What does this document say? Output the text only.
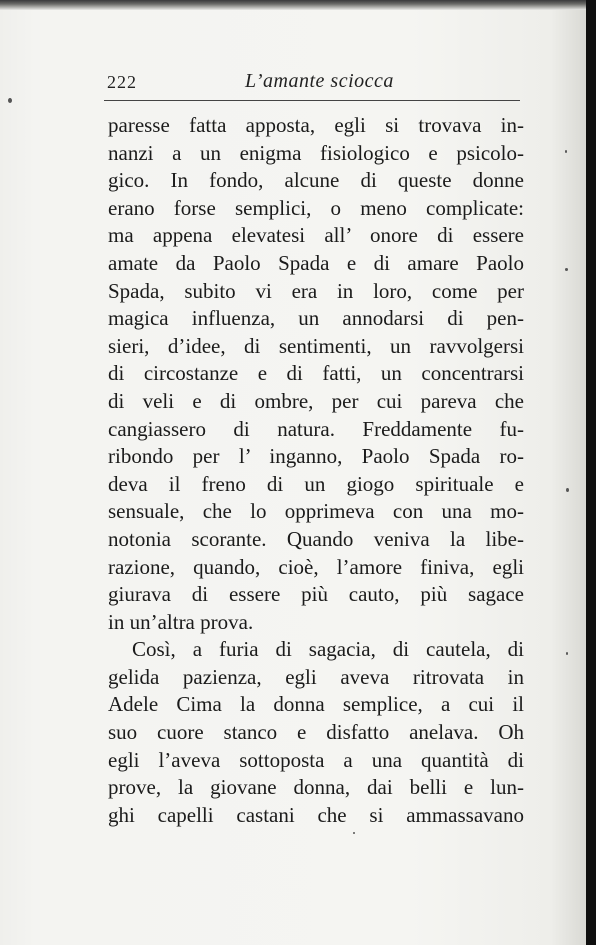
222	L’amante sciocca
paresse fatta apposta, egli si trovava in-
nanzi a un enigma fisiologico e psicolo-
gico. In fondo, alcune di queste donne
erano forse semplici, o meno complicate:
ma appena elevatesi all’ onore di essere
amate da Paolo Spada e di amare Paolo
Spada, subito vi era in loro, come per
magica influenza, un annodarsi di pen-
sieri, d’idee, di sentimenti, un ravvolgersi
di circostanze e di fatti, un concentrarsi
di veli e di ombre, per cui pareva che
cangiassero di natura. Freddamente fu-
ribondo per l’ inganno, Paolo Spada ro-
deva il freno di un giogo spirituale e
sensuale, che lo opprimeva con una mo-
notonia scorante. Quando veniva la libe-
razione, quando, cioè, l’amore finiva, egli
giurava di essere più cauto, più sagace
in un’altra prova.
Così, a furia di sagacia, di cautela, di
gelida pazienza, egli aveva ritrovata in
Adele Cima la donna semplice, a cui il
suo cuore stanco e disfatto anelava. Oh
egli l’aveva sottoposta a una quantità di
prove, la giovane donna, dai belli e lun-
ghi capelli castani che si ammassavano
